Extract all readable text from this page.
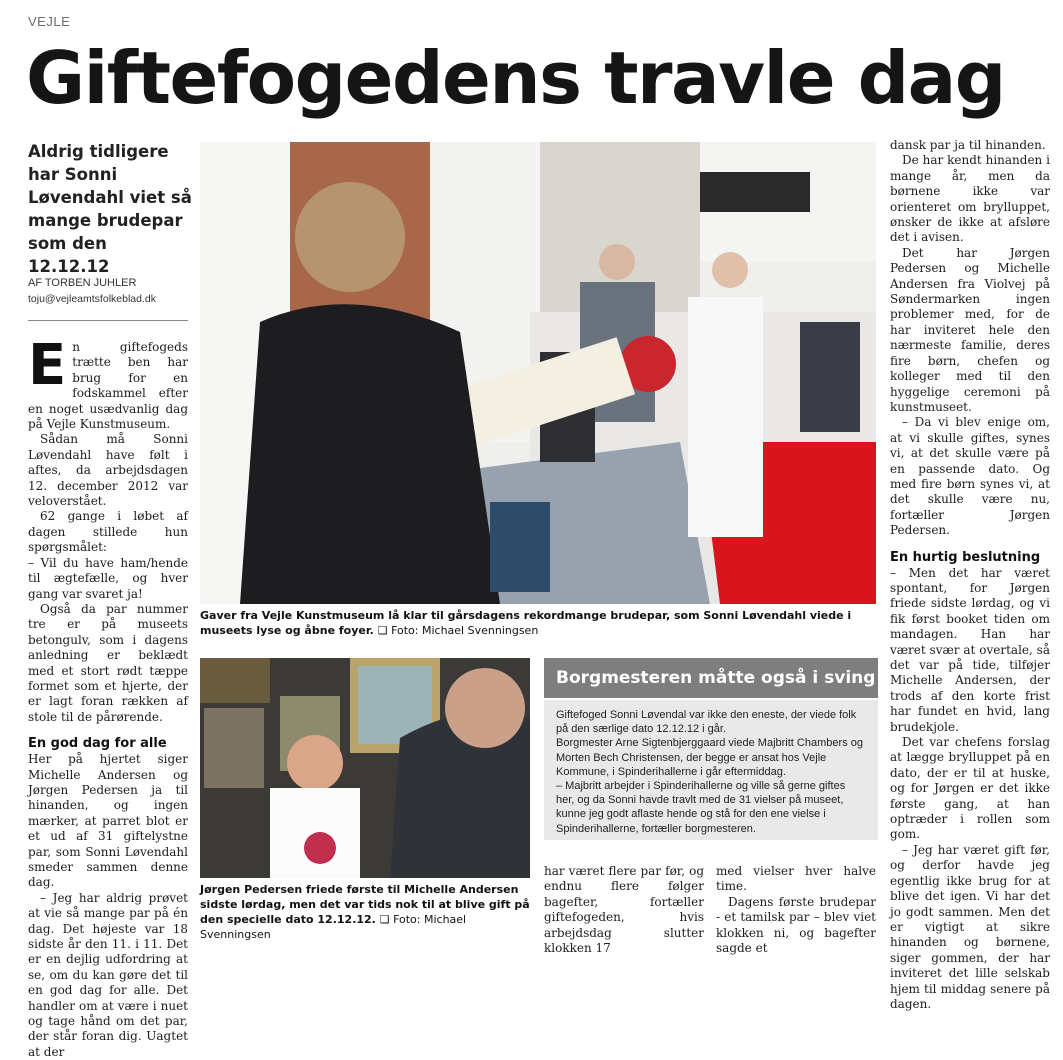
VEJLE
Giftefogedens travle dag
Aldrig tidligere har Sonni Løvendahl viet så mange brudepar som den 12.12.12
AF TORBEN JUHLER
toju@vejleamtsfolkeblad.dk

En giftefogeds trætte ben har brug for en fodskammel efter en noget usædvanlig dag på Vejle Kunstmuseum.

Sådan må Sonni Løvendahl have følt i aftes, da arbejdsdagen 12. december 2012 var veloverstået.

62 gange i løbet af dagen stillede hun spørgsmålet:

– Vil du have ham/hende til ægtefælle, og hver gang var svaret ja!

Også da par nummer tre er på museets betongulv, som i dagens anledning er beklædt med et stort rødt tæppe formet som et hjerte, der er lagt foran rækken af stole til de pårørende.

En god dag for alle

Her på hjertet siger Michelle Andersen og Jørgen Pedersen ja til hinanden, og ingen mærker, at parret blot er et ud af 31 giftelystne par, som Sonni Løvendahl smeder sammen denne dag.

– Jeg har aldrig prøvet at vie så mange par på én dag. Det højeste var 18 sidste år den 11. i 11. Det er en dejlig udfordring at se, om du kan gøre det til en god dag for alle. Det handler om at være i nuet og tage hånd om det par, der står foran dig. Uagtet at der

Gaver fra Vejle Kunstmuseum lå klar til gårsdagens rekordmange brudepar, som Sonni Løvendahl viede i museets lyse og åbne foyer. ❏ Foto: Michael Svenningsen
Jørgen Pedersen friede første til Michelle Andersen sidste lørdag, men det var tids nok til at blive gift på den specielle dato 12.12.12. ❏ Foto: Michael Svenningsen
Borgmesteren måtte også i sving

Giftefoged Sonni Løvendal var ikke den eneste, der viede folk på den særlige dato 12.12.12 i går.

Borgmester Arne Sigtenbjerggaard viede Majbritt Chambers og Morten Bech Christensen, der begge er ansat hos Vejle Kommune, i Spinderihallerne i går eftermiddag.

– Majbritt arbejder i Spinderihallerne og ville så gerne giftes her, og da Sonni havde travlt med de 31 vielser på museet, kunne jeg godt aflaste hende og stå for den ene vielse i Spinderihallerne, fortæller borgmesteren.

har været flere par før, og endnu flere følger bagefter, fortæller giftefogeden, hvis arbejdsdag slutter klokken 17

med vielser hver halve time.

Dagens første brudepar - et tamilsk par – blev viet klokken ni, og bagefter sagde et

dansk par ja til hinanden.

De har kendt hinanden i mange år, men da børnene ikke var orienteret om brylluppet, ønsker de ikke at afsløre det i avisen.

Det har Jørgen Pedersen og Michelle Andersen fra Violvej på Søndermarken ingen problemer med, for de har inviteret hele den nærmeste familie, deres fire børn, chefen og kolleger med til den hyggelige ceremoni på kunstmuseet.

– Da vi blev enige om, at vi skulle giftes, synes vi, at det skulle være på en passende dato. Og med fire børn synes vi, at det skulle være nu, fortæller Jørgen Pedersen.

En hurtig beslutning

– Men det har været spontant, for Jørgen friede sidste lørdag, og vi fik først booket tiden om mandagen. Han har været svær at overtale, så det var på tide, tilføjer Michelle Andersen, der trods af den korte frist har fundet en hvid, lang brudekjole.

Det var chefens forslag at lægge brylluppet på en dato, der er til at huske, og for Jørgen er det ikke første gang, at han optræder i rollen som gom.

– Jeg har været gift før, og derfor havde jeg egentlig ikke brug for at blive det igen. Vi har det jo godt sammen. Men det er vigtigt at sikre hinanden og børnene, siger gommen, der har inviteret det lille selskab hjem til middag senere på dagen.
